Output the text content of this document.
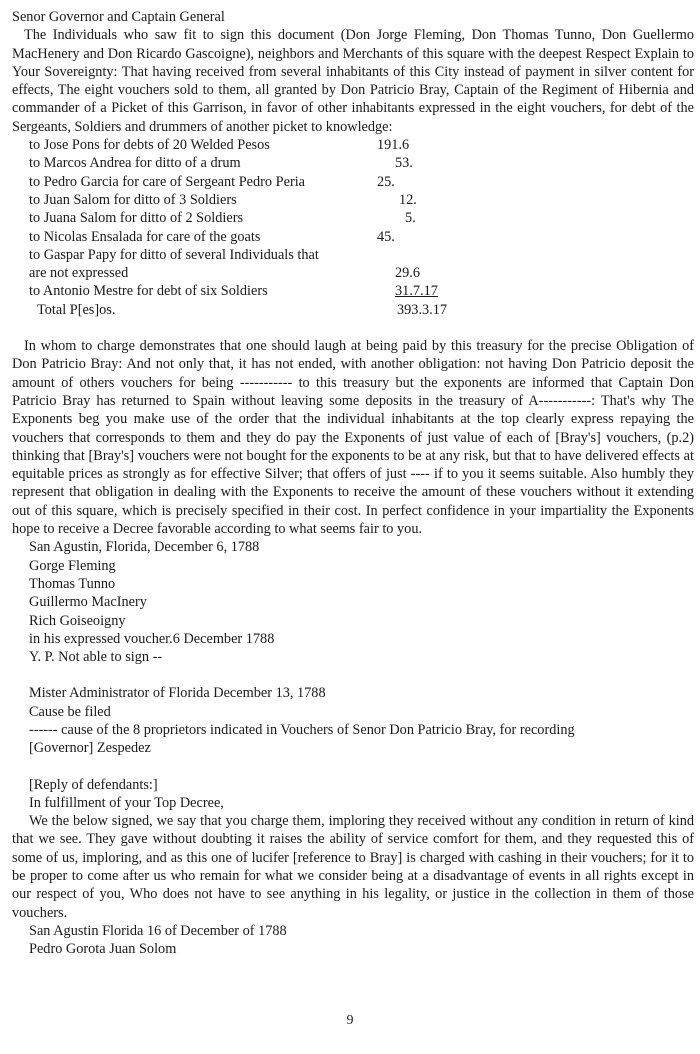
Senor Governor and Captain General

The Individuals who saw fit to sign this document (Don Jorge Fleming, Don Thomas Tunno, Don Guellermo MacHenery and Don Ricardo Gascoigne), neighbors and Merchants of this square with the deepest Respect Explain to Your Sovereignty: That having received from several inhabitants of this City instead of payment in silver content for effects, The eight vouchers sold to them, all granted by Don Patricio Bray, Captain of the Regiment of Hibernia and commander of a Picket of this Garrison, in favor of other inhabitants expressed in the eight vouchers, for debt of the Sergeants, Soldiers and drummers of another picket to knowledge:

to Jose Pons for debts of 20 Welded Pesos	191.6
to Marcos Andrea for ditto of a drum	53.
to Pedro Garcia for care of Sergeant Pedro Peria	25.
to Juan Salom for ditto of 3 Soldiers	12.
to Juana Salom for ditto of 2 Soldiers	5.
to Nicolas Ensalada for care of the goats	45.
to Gaspar Papy for ditto of several Individuals that	
are not expressed	29.6
to Antonio Mestre for debt of six Soldiers	31.7.17
Total P[es]os.	393.3.17

In whom to charge demonstrates that one should laugh at being paid by this treasury for the precise Obligation of Don Patricio Bray: And not only that, it has not ended, with another obligation: not having Don Patricio deposit the amount of others vouchers for being ----------- to this treasury but the exponents are informed that Captain Don Patricio Bray has returned to Spain without leaving some deposits in the treasury of A-----------: That's why The Exponents beg you make use of the order that the individual inhabitants at the top clearly express repaying the vouchers that corresponds to them and they do pay the Exponents of just value of each of [Bray's] vouchers, (p.2) thinking that [Bray's] vouchers were not bought for the exponents to be at any risk, but that to have delivered effects at equitable prices as strongly as for effective Silver; that offers of just ---- if to you it seems suitable. Also humbly they represent that obligation in dealing with the Exponents to receive the amount of these vouchers without it extending out of this square, which is precisely specified in their cost. In perfect confidence in your impartiality the Exponents hope to receive a Decree favorable according to what seems fair to you.

San Agustin, Florida, December 6, 1788

Gorge Fleming

Thomas Tunno

Guillermo MacInery

Rich Goiseoigny

in his expressed voucher.6 December 1788

Y. P. Not able to sign --

Mister Administrator of Florida December 13, 1788

Cause be filed

------ cause of the 8 proprietors indicated in Vouchers of Senor Don Patricio Bray, for recording

[Governor] Zespedez

[Reply of defendants:]

In fulfillment of your Top Decree,

We the below signed, we say that you charge them, imploring they received without any condition in return of kind that we see. They gave without doubting it raises the ability of service comfort for them, and they requested this of some of us, imploring, and as this one of lucifer [reference to Bray] is charged with cashing in their vouchers; for it to be proper to come after us who remain for what we consider being at a disadvantage of events in all rights except in our respect of you, Who does not have to see anything in his legality, or justice in the collection in them of those vouchers.

San Agustin Florida 16 of December of 1788

Pedro Gorota Juan Solom

9
